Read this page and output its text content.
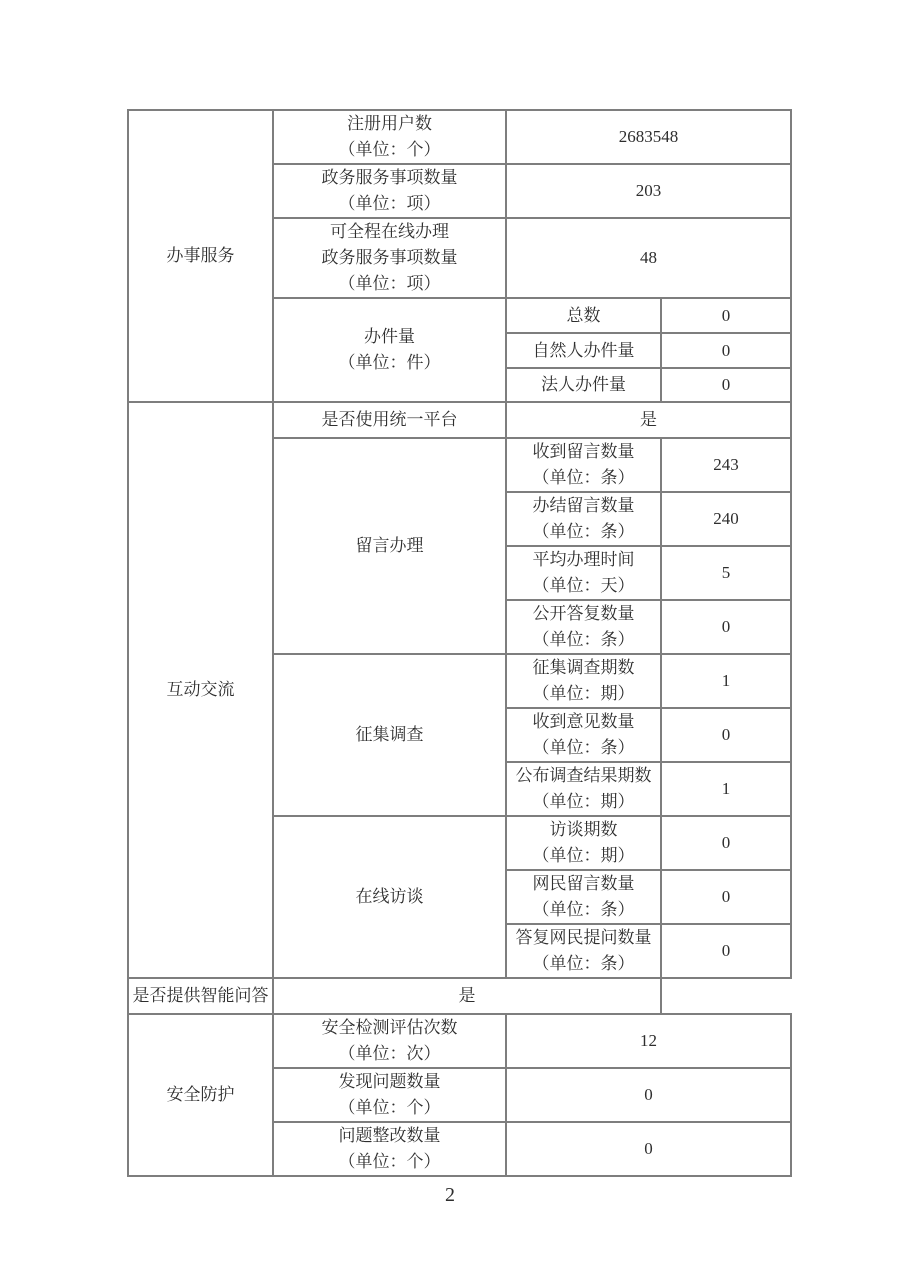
办事服务	注册用户数
（单位：个）	2683548	

	政务服务事项数量
（单位：项）	203	

	可全程在线办理
政务服务事项数量
（单位：项）	48	

	办件量
（单位：件）	总数	0
		自然人办件量	0
		法人办件量	0

互动交流	是否使用统一平台	是	
	留言办理	收到留言数量
（单位：条）	243

		办结留言数量
（单位：条）	240

		平均办理时间
（单位：天）	5

		公开答复数量
（单位：条）	0
	征集调查	征集调查期数
（单位：期）	1

		收到意见数量
（单位：条）	0

		公布调查结果期数
（单位：期）	1
	在线访谈	访谈期数
（单位：期）	0

		网民留言数量
（单位：条）	0

		答复网民提问数量
（单位：条）	0
是否提供智能问答	是		

安全防护	安全检测评估次数
（单位：次）	12	

	发现问题数量
（单位：个）	0	

	问题整改数量
（单位：个）	0	
2
